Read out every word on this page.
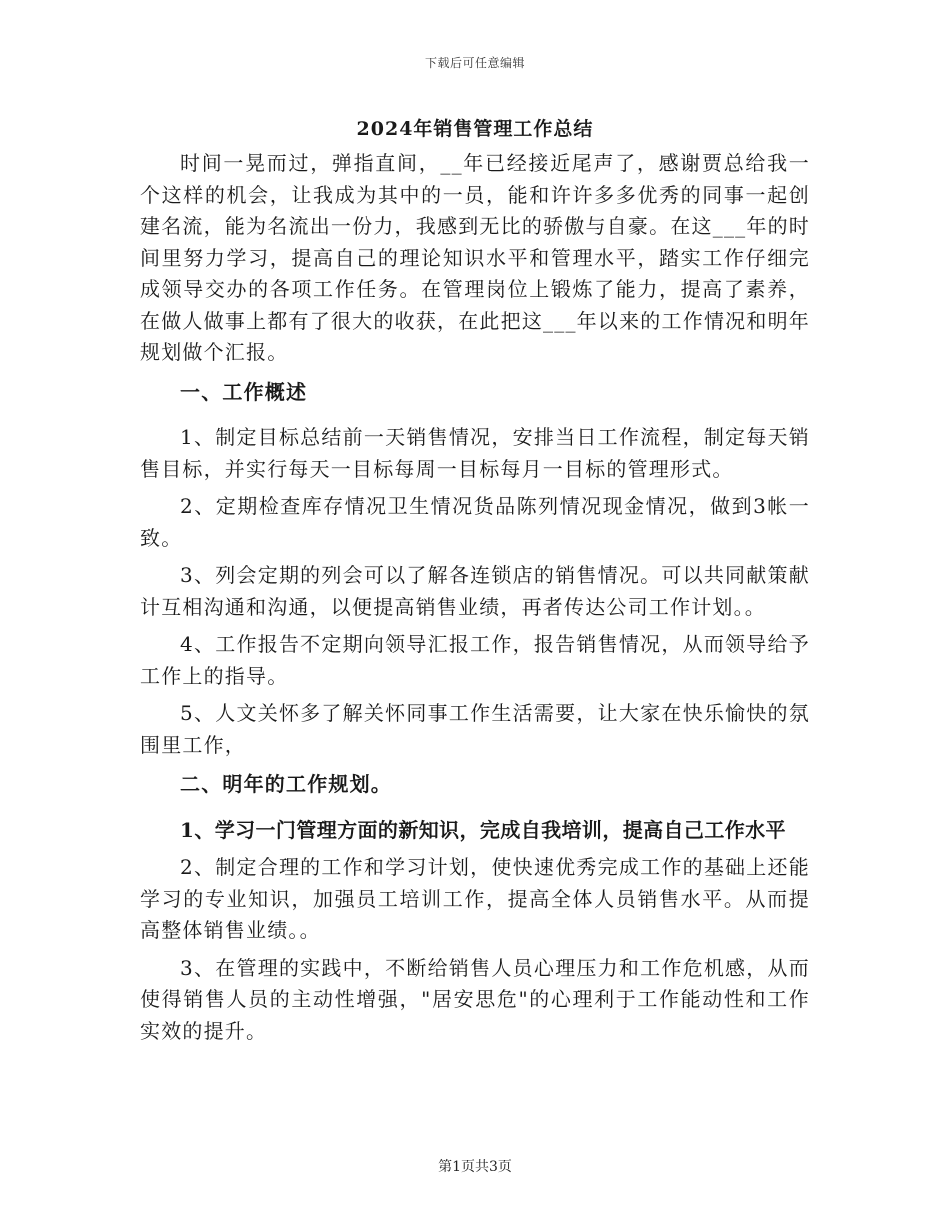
下载后可任意编辑
2024年销售管理工作总结

时间一晃而过，弹指直间，__年已经接近尾声了，感谢贾总给我一个这样的机会，让我成为其中的一员，能和许许多多优秀的同事一起创建名流，能为名流出一份力，我感到无比的骄傲与自豪。在这___年的时间里努力学习，提高自己的理论知识水平和管理水平，踏实工作仔细完成领导交办的各项工作任务。在管理岗位上锻炼了能力，提高了素养，在做人做事上都有了很大的收获，在此把这___年以来的工作情况和明年规划做个汇报。

一、工作概述

1、制定目标总结前一天销售情况，安排当日工作流程，制定每天销售目标，并实行每天一目标每周一目标每月一目标的管理形式。

2、定期检查库存情况卫生情况货品陈列情况现金情况，做到3帐一致。

3、列会定期的列会可以了解各连锁店的销售情况。可以共同献策献计互相沟通和沟通，以便提高销售业绩，再者传达公司工作计划。。

4、工作报告不定期向领导汇报工作，报告销售情况，从而领导给予工作上的指导。

5、人文关怀多了解关怀同事工作生活需要，让大家在快乐愉快的氛围里工作，

二、明年的工作规划。

1、学习一门管理方面的新知识，完成自我培训，提高自己工作水平

2、制定合理的工作和学习计划，使快速优秀完成工作的基础上还能学习的专业知识，加强员工培训工作，提高全体人员销售水平。从而提高整体销售业绩。。

3、在管理的实践中，不断给销售人员心理压力和工作危机感，从而使得销售人员的主动性增强，"居安思危"的心理利于工作能动性和工作实效的提升。

第1页共3页
